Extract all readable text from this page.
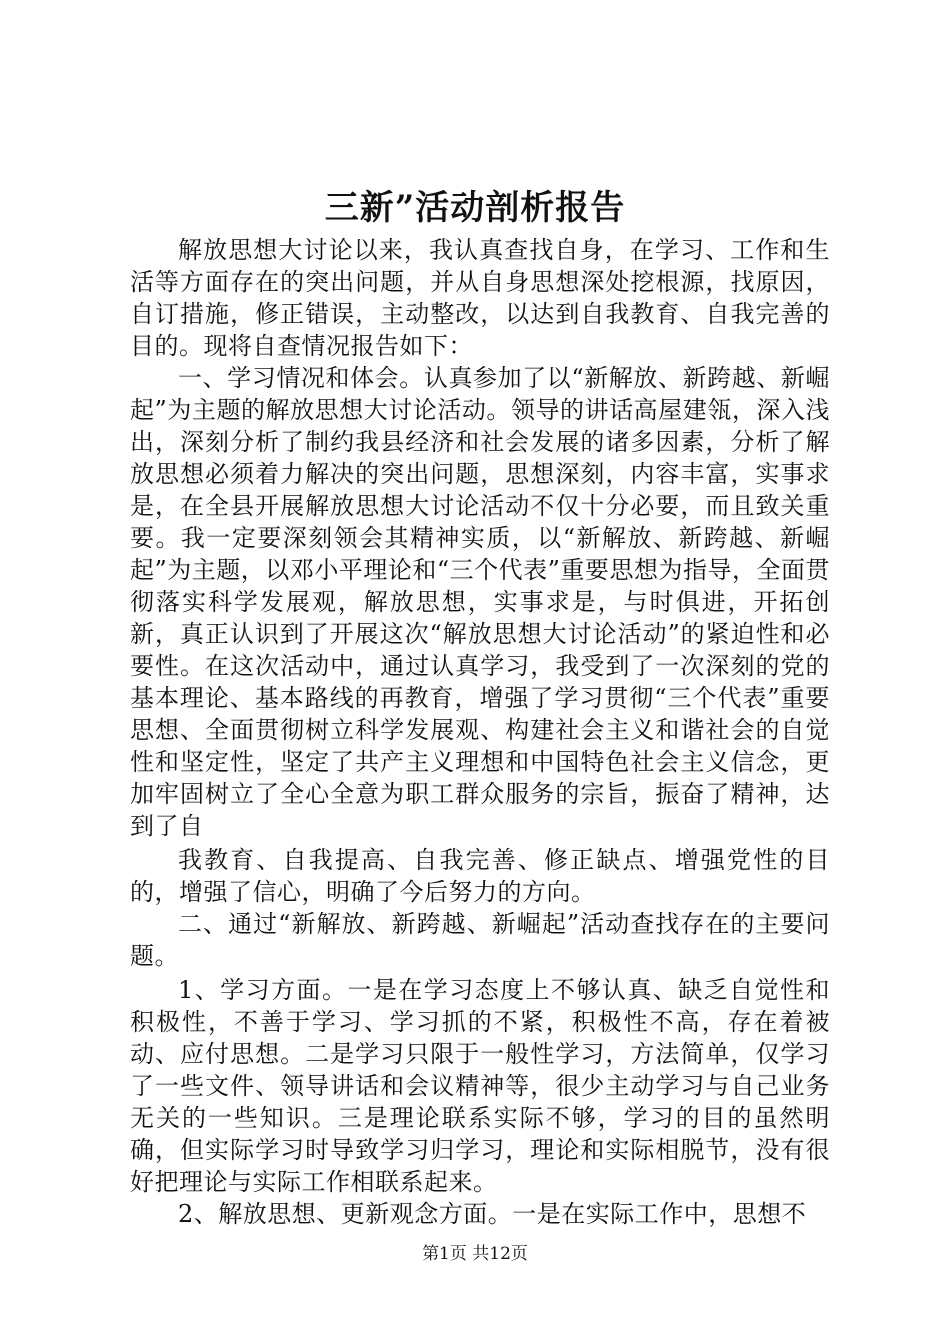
三新”活动剖析报告

解放思想大讨论以来，我认真查找自身，在学习、工作和生活等方面存在的突出问题，并从自身思想深处挖根源，找原因，自订措施，修正错误，主动整改，以达到自我教育、自我完善的目的。现将自查情况报告如下：

一、学习情况和体会。认真参加了以“新解放、新跨越、新崛起”为主题的解放思想大讨论活动。领导的讲话高屋建瓴，深入浅出，深刻分析了制约我县经济和社会发展的诸多因素，分析了解放思想必须着力解决的突出问题，思想深刻，内容丰富，实事求是，在全县开展解放思想大讨论活动不仅十分必要，而且致关重要。我一定要深刻领会其精神实质，以“新解放、新跨越、新崛起”为主题，以邓小平理论和“三个代表”重要思想为指导，全面贯彻落实科学发展观，解放思想，实事求是，与时俱进，开拓创新，真正认识到了开展这次“解放思想大讨论活动”的紧迫性和必要性。在这次活动中，通过认真学习，我受到了一次深刻的党的基本理论、基本路线的再教育，增强了学习贯彻“三个代表”重要思想、全面贯彻树立科学发展观、构建社会主义和谐社会的自觉性和坚定性，坚定了共产主义理想和中国特色社会主义信念，更加牢固树立了全心全意为职工群众服务的宗旨，振奋了精神，达到了自

我教育、自我提高、自我完善、修正缺点、增强党性的目的，增强了信心，明确了今后努力的方向。

二、通过“新解放、新跨越、新崛起”活动查找存在的主要问题。

1、学习方面。一是在学习态度上不够认真、缺乏自觉性和积极性，不善于学习、学习抓的不紧，积极性不高，存在着被动、应付思想。二是学习只限于一般性学习，方法简单，仅学习了一些文件、领导讲话和会议精神等，很少主动学习与自己业务无关的一些知识。三是理论联系实际不够，学习的目的虽然明确，但实际学习时导致学习归学习，理论和实际相脱节，没有很好把理论与实际工作相联系起来。

2、解放思想、更新观念方面。一是在实际工作中，思想不

第1页 共12页
